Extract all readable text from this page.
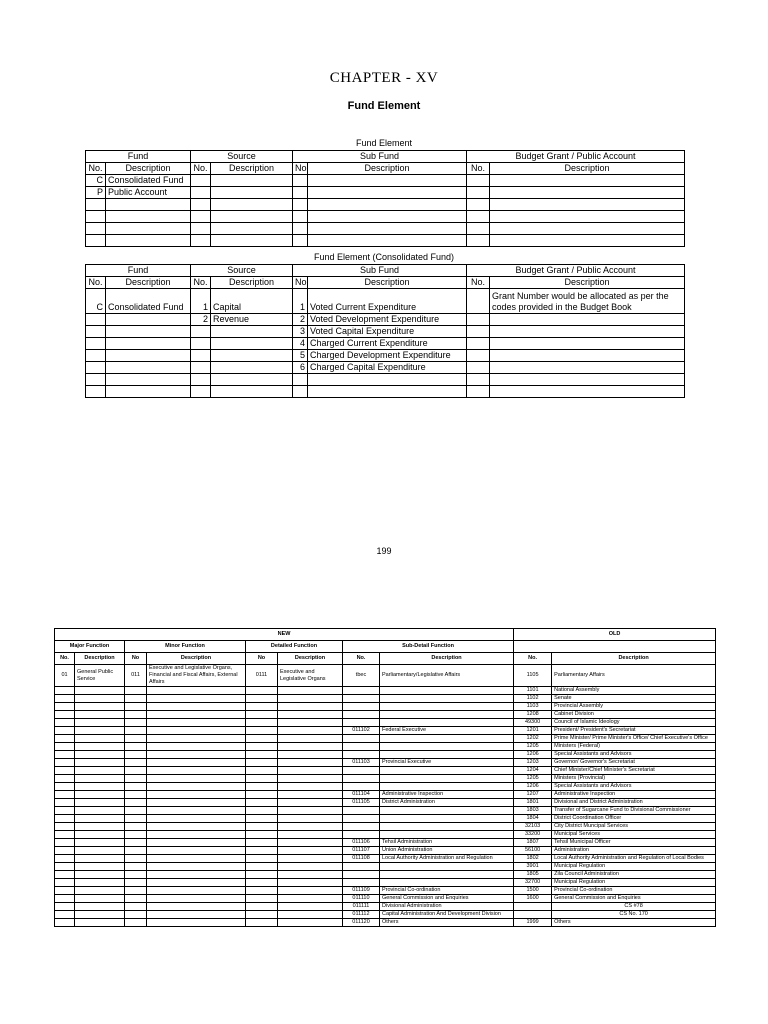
CHAPTER - XV
Fund Element
Fund Element
Fund		Source		Sub Fund		Budget Grant / Public Account	
No.	Description	No.	Description	No	Description	No.	Description
C	Consolidated Fund						
P	Public Account						

Fund Element (Consolidated Fund)
Fund		Source		Sub Fund		Budget Grant / Public Account	
No.	Description	No.	Description	No	Description	No.	Description
C	Consolidated Fund	1	Capital	1	Voted Current Expenditure		Grant Number would be allocated as per the codes provided in the Budget Book
		2	Revenue	2	Voted Development Expenditure		
				3	Voted Capital Expenditure		
				4	Charged Current Expenditure		
				5	Charged Development Expenditure		
				6	Charged Capital Expenditure		

199
NEW								OLD	
Major Function		Minor Function		Detailed Function		Sub-Detail Function			
No.	Description	No	Description	No	Description	No.	Description	No.	Description
01	General Public Service	011	Executive and Legislative Organs, Financial and Fiscal Affairs, External Affairs	0111	Executive and Legislative Organs	tbec	Parliamentary/Legislative Affairs	1105	Parliamentary Affairs
								1101	National Assembly
								1102	Senate
								1103	Provincial Assembly
								1208	Cabinet Division
								49300	Council of Islamic Ideology
						011102	Federal Executive	1201	President/ President's Secretariat
								1202	Prime Minister/ Prime Minister's Office/ Chief Executive's Office
								1205	Ministers (Federal)
								1206	Special Assistants and Advisors
						011103	Provincial Executive	1203	Governor/ Governor's Secretariat
								1204	Chief Minister/Chief Minister's Secretariat
								1205	Ministers (Provincial)
								1206	Special Assistants and Advisors
						011104	Administrative Inspection	1207	Administrative Inspection
						011105	District Administration	1801	Divisional and District Administration
								1803	Transfer of Sugarcane Fund to Divisional Commissioner
								1804	District Coordination Officer
								32103	City District Muncipal Services
								33200	Municipal Services
						011106	Tehsil Administration	1807	Tehsil Municipal Officer
						011107	Union Administration	56100	Administration
						011108	Local Authority Administration and Regulation	1802	Local Authority Administration and Regulation of Local Bodies
								3901	Municipal Regulation
								1805	Zila Council Administration
								32700	Municipal Regulation
						011109	Provincial Co-ordination	1500	Provincial Co-ordination
						011110	General Commission and Enquiries	1600	General Commission and Enquiries
						011111	Divisional Administration		CS #78
						011112	Capital Administration And Development Division		CS No. 170
						011120	Others	1999	Others
